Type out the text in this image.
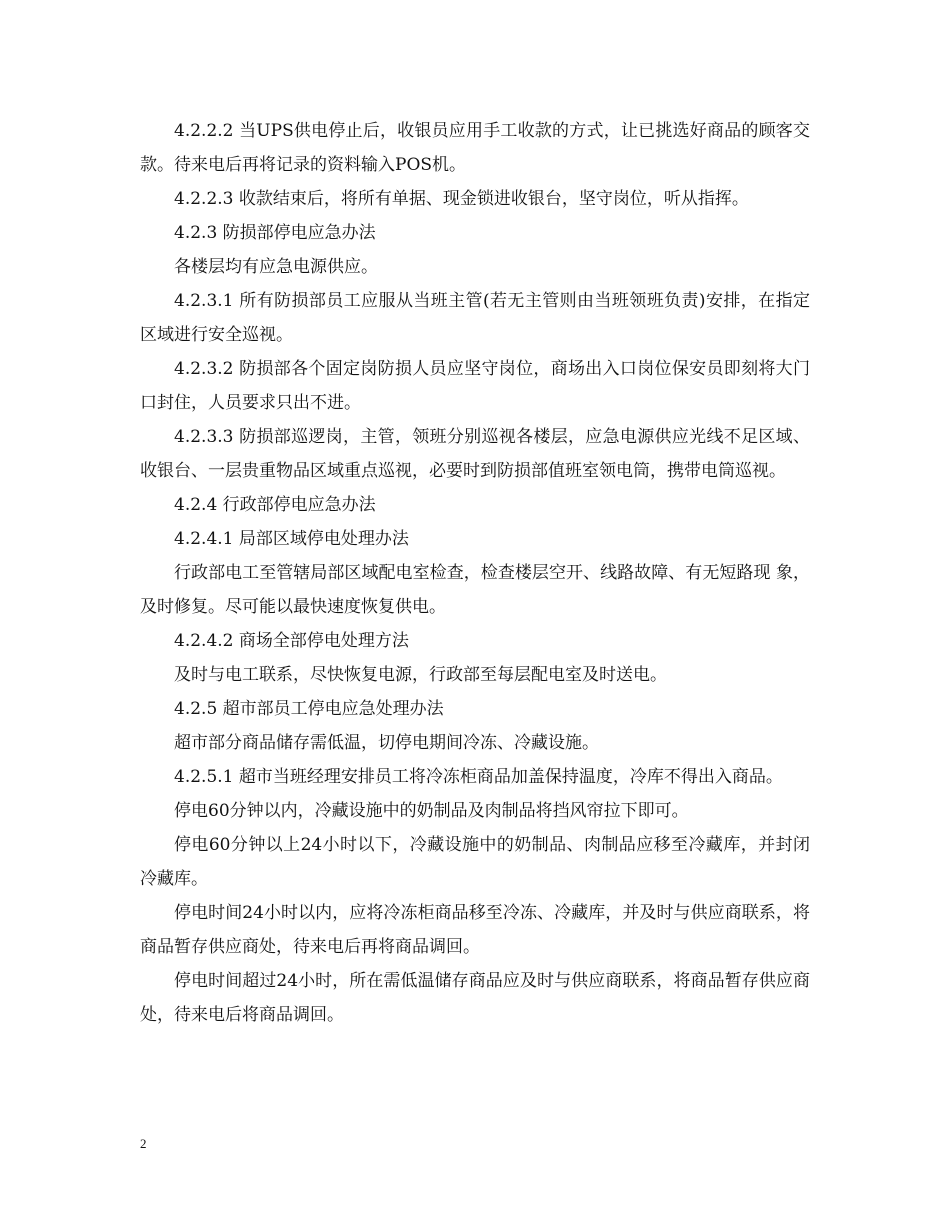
4.2.2.2 当UPS供电停止后，收银员应用手工收款的方式，让已挑选好商品的顾客交款。待来电后再将记录的资料输入POS机。

4.2.2.3 收款结束后，将所有单据、现金锁进收银台，坚守岗位，听从指挥。

4.2.3 防损部停电应急办法

各楼层均有应急电源供应。

4.2.3.1 所有防损部员工应服从当班主管(若无主管则由当班领班负责)安排，在指定区域进行安全巡视。

4.2.3.2 防损部各个固定岗防损人员应坚守岗位，商场出入口岗位保安员即刻将大门口封住，人员要求只出不进。

4.2.3.3 防损部巡逻岗，主管，领班分别巡视各楼层，应急电源供应光线不足区域、收银台、一层贵重物品区域重点巡视，必要时到防损部值班室领电筒，携带电筒巡视。

4.2.4 行政部停电应急办法

4.2.4.1 局部区域停电处理办法

行政部电工至管辖局部区域配电室检查，检查楼层空开、线路故障、有无短路现 象，及时修复。尽可能以最快速度恢复供电。

4.2.4.2 商场全部停电处理方法

及时与电工联系，尽快恢复电源，行政部至每层配电室及时送电。

4.2.5 超市部员工停电应急处理办法

超市部分商品储存需低温，切停电期间冷冻、冷藏设施。

4.2.5.1 超市当班经理安排员工将冷冻柜商品加盖保持温度，冷库不得出入商品。

停电60分钟以内，冷藏设施中的奶制品及肉制品将挡风帘拉下即可。

停电60分钟以上24小时以下，冷藏设施中的奶制品、肉制品应移至冷藏库，并封闭冷藏库。

停电时间24小时以内，应将冷冻柜商品移至冷冻、冷藏库，并及时与供应商联系，将商品暂存供应商处，待来电后再将商品调回。

停电时间超过24小时，所在需低温储存商品应及时与供应商联系，将商品暂存供应商处，待来电后将商品调回。

2
